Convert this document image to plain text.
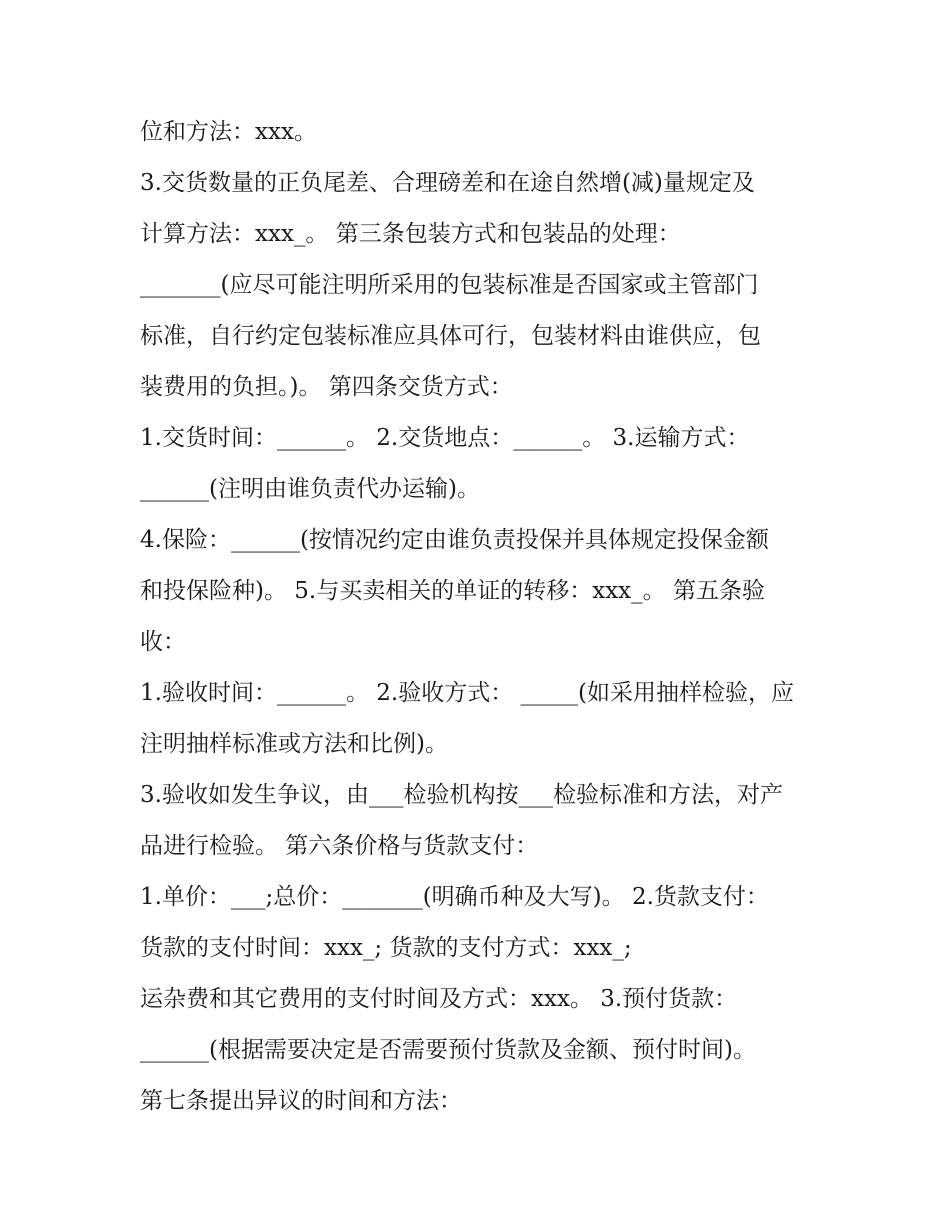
位和方法：xxx。
3.交货数量的正负尾差、合理磅差和在途自然增(减)量规定及
计算方法：xxx_。 第三条包装方式和包装品的处理：
_______(应尽可能注明所采用的包装标准是否国家或主管部门
标准，自行约定包装标准应具体可行，包装材料由谁供应，包
装费用的负担。)。 第四条交货方式：
1.交货时间：______。 2.交货地点：______。 3.运输方式：
______(注明由谁负责代办运输)。
4.保险：______(按情况约定由谁负责投保并具体规定投保金额
和投保险种)。 5.与买卖相关的单证的转移：xxx_。 第五条验
收：
1.验收时间：______。 2.验收方式： _____(如采用抽样检验，应
注明抽样标准或方法和比例)。
3.验收如发生争议，由___检验机构按___检验标准和方法，对产
品进行检验。 第六条价格与货款支付：
1.单价：___;总价：_______(明确币种及大写)。 2.货款支付：
货款的支付时间：xxx_; 货款的支付方式：xxx_;
运杂费和其它费用的支付时间及方式：xxx。 3.预付货款：
______(根据需要决定是否需要预付货款及金额、预付时间)。
第七条提出异议的时间和方法：
